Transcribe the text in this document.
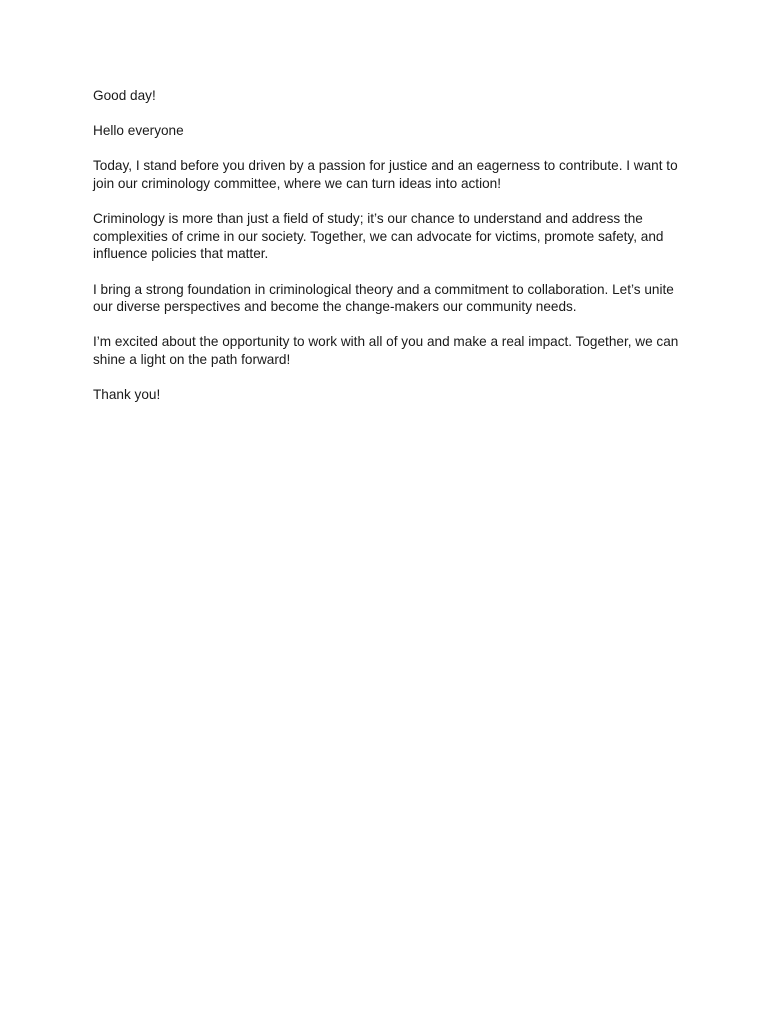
Good day!

Hello everyone

Today, I stand before you driven by a passion for justice and an eagerness to contribute. I want to join our criminology committee, where we can turn ideas into action!

Criminology is more than just a field of study; it’s our chance to understand and address the complexities of crime in our society. Together, we can advocate for victims, promote safety, and influence policies that matter.

I bring a strong foundation in criminological theory and a commitment to collaboration. Let’s unite our diverse perspectives and become the change-makers our community needs.

I’m excited about the opportunity to work with all of you and make a real impact. Together, we can shine a light on the path forward!

Thank you!
